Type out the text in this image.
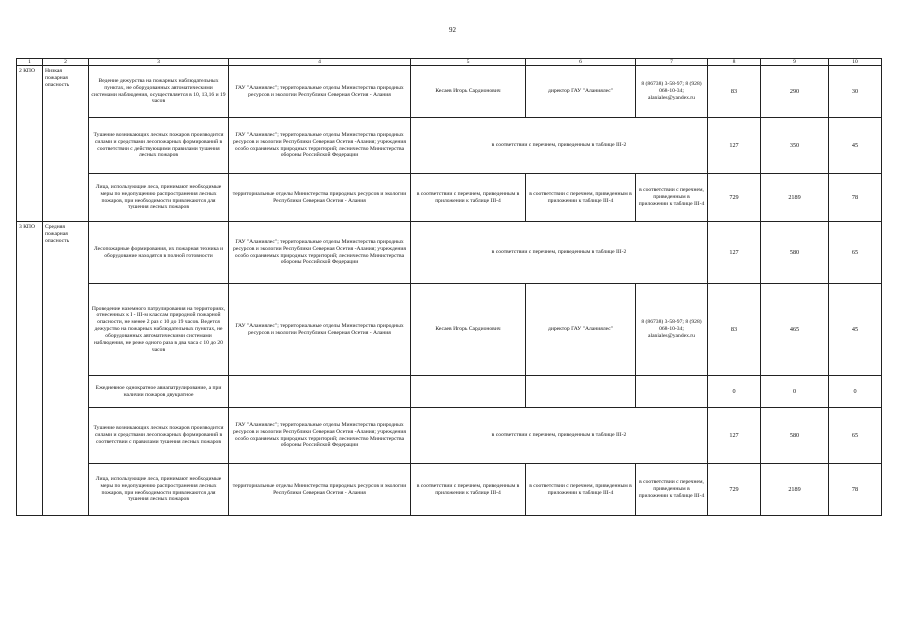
92
1	2	3	4	5	6	7	8	9	10
2 КПО	Низкая пожарная опасность	Ведение дежурства на пожарных наблюдательных пунктах, не оборудованных автоматическими системами наблюдения, осуществляется в 10, 13,16 и 19 часов	ГАУ "Аланиялес"; территориальные отделы Министерства природных ресурсов и экологии Республики Северная Осетия - Алания	Кесаев Игорь Сардионович	директор ГАУ "Аланиялес"	8 (86738) 3-58-97; 8 (928) 068-10-34; alaniales@yandex.ru	83	290	30
		Тушение возникающих лесных пожаров производится силами и средствами лесопожарных формирований в соответствии с действующими правилами тушения лесных пожаров	ГАУ "Аланиялес"; территориальные отделы Министерства природных ресурсов и экологии Республики Северная Осетия -Алания; учреждения особо охраняемых природных территорий; лесничество Министерства обороны Российской Федерации	в соответствии с перечнем, приведенным в таблице III-2			127	350	45
		Лица, использующие леса, принимают необходимые меры по недопущению распространения лесных пожаров, при необходимости привлекаются для тушения лесных пожаров	территориальные отделы Министерства природных ресурсов и экологии Республики Северная Осетия - Алания	в соответствии с перечнем, приведенным в приложении к таблице III-4	в соответствии с перечнем, приведенным в приложении к таблице III-4	в соответствии с перечнем, приведенным в приложении к таблице III-4	729	2189	78
3 КПО	Средняя пожарная опасность	Лесопожарные формирования, их пожарная техника и оборудование находятся в полной готовности	ГАУ "Аланиялес"; территориальные отделы Министерства природных ресурсов и экологии Республики Северная Осетия -Алания; учреждения особо охраняемых природных территорий; лесничество Министерства обороны Российской Федерации	в соответствии с перечнем, приведенным в таблице III-2			127	580	65
		Проведение наземного патрулирования на территориях, отнесенных к I - III-м классам природной пожарной опасности, не менее 2 раз с 10 до 19 часов. Ведется дежурство на пожарных наблюдательных пунктах, не оборудованных автоматическими системами наблюдения, не реже одного раза в два часа с 10 до 20 часов	ГАУ "Аланиялес"; территориальные отделы Министерства природных ресурсов и экологии Республики Северная Осетия - Алания	Кесаев Игорь Сардионович	директор ГАУ "Аланиялес"	8 (86738) 3-58-97; 8 (928) 068-10-34; alaniales@yandex.ru	83	465	45
		Ежедневное однократное авиапатрулирование, а при наличии пожаров двукратное					0	0	0
		Тушение возникающих лесных пожаров производится силами и средствами лесопожарных формирований в соответствии с правилами тушения лесных пожаров	ГАУ "Аланиялес"; территориальные отделы Министерства природных ресурсов и экологии Республики Северная Осетия -Алания; учреждения особо охраняемых природных территорий; лесничество Министерства обороны Российской Федерации	в соответствии с перечнем, приведенным в таблице III-2			127	580	65
		Лица, использующие леса, принимают необходимые меры по недопущению распространения лесных пожаров, при необходимости привлекаются для тушения лесных пожаров	территориальные отделы Министерства природных ресурсов и экологии Республики Северная Осетия - Алания	в соответствии с перечнем, приведенным в приложении к таблице III-4	в соответствии с перечнем, приведенным в приложении к таблице III-4	в соответствии с перечнем, приведенным в приложении к таблице III-4	729	2189	78
